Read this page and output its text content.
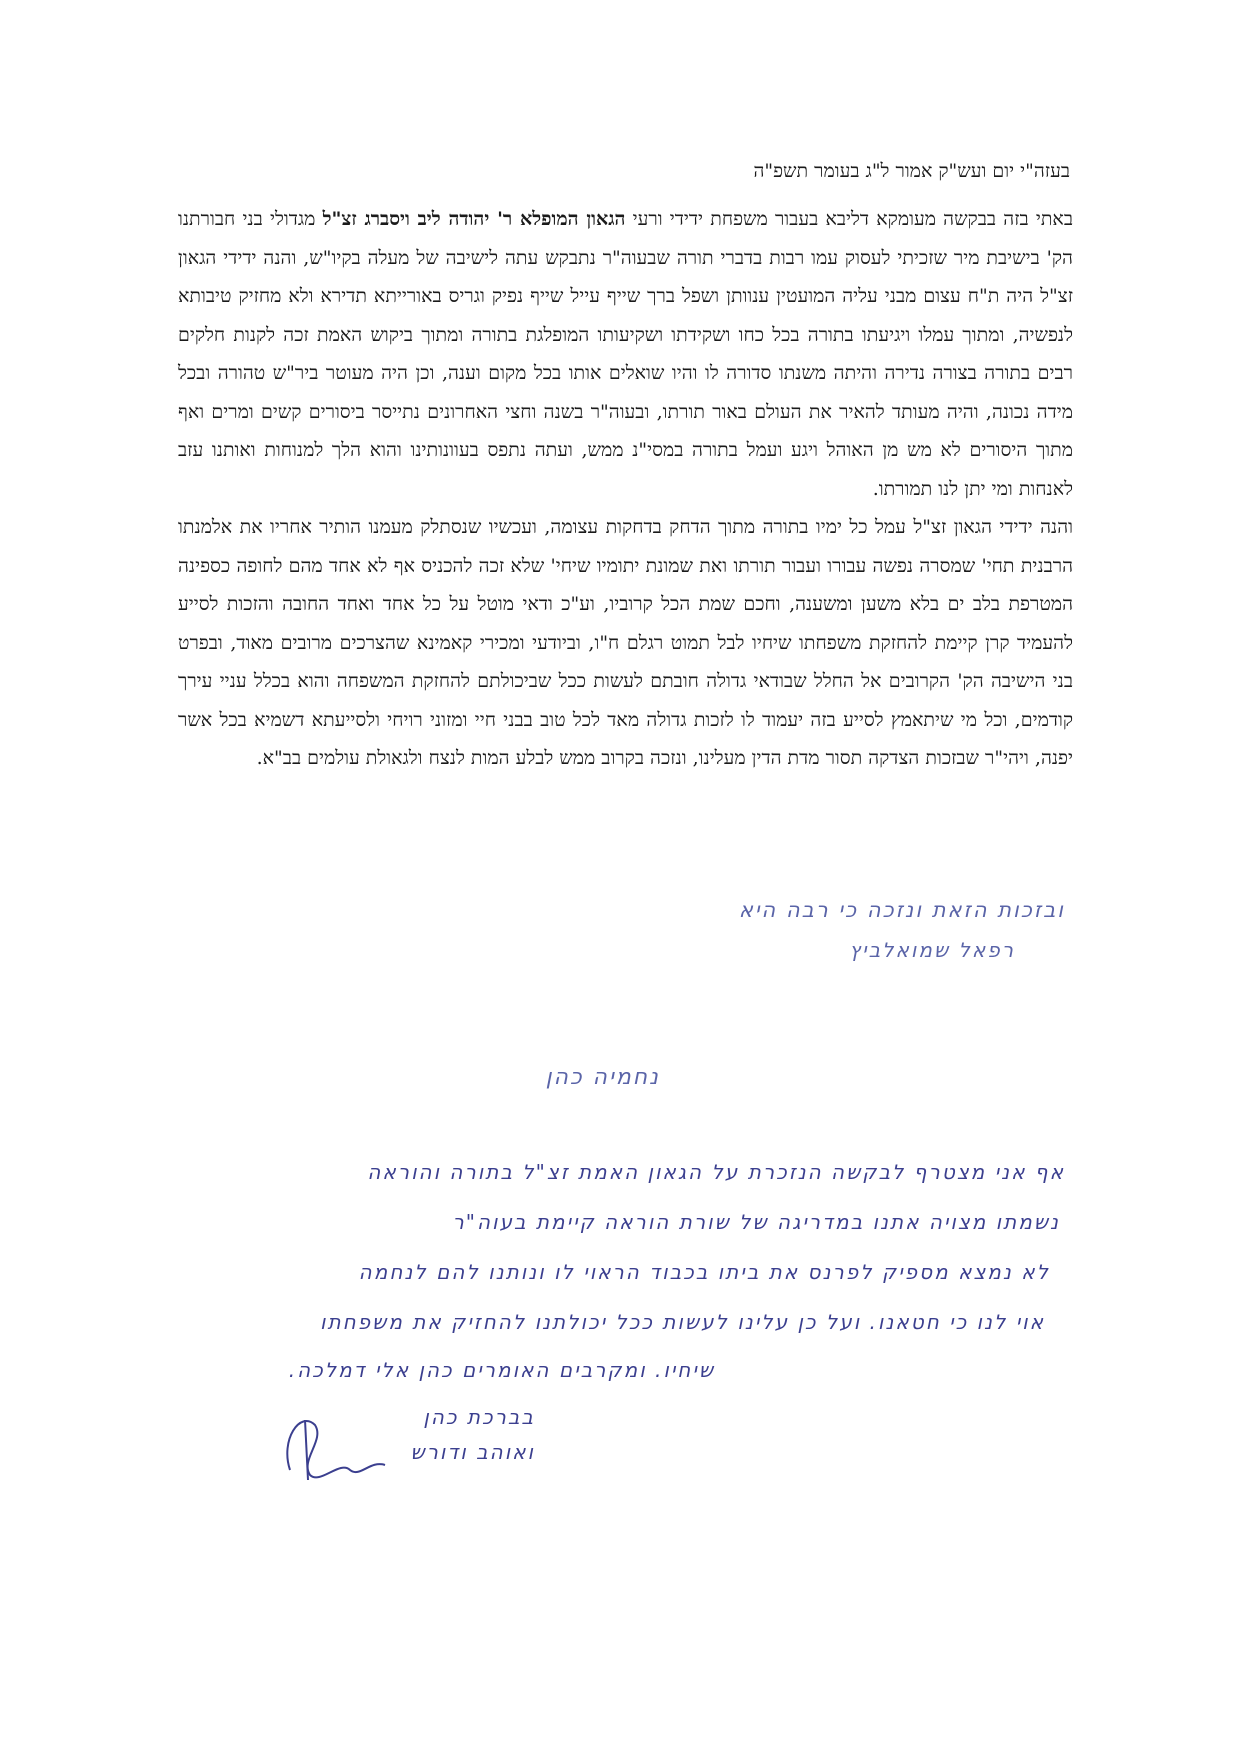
בעזה"י יום ועש"ק אמור ל"ג בעומר תשפ"ה

באתי בזה בבקשה מעומקא דליבא בעבור משפחת ידידי ורעי הגאון המופלא ר' יהודה ליב ויסברג זצ"ל מגדולי בני חבורתנו הק' בישיבת מיר שזכיתי לעסוק עמו רבות בדברי תורה שבעוה"ר נתבקש עתה לישיבה של מעלה בקיו"ש, והנה ידידי הגאון זצ"ל היה ת"ח עצום מבני עליה המועטין ענוותן ושפל ברך שייף עייל שייף נפיק וגריס באורייתא תדירא ולא מחזיק טיבותא לנפשיה, ומתוך עמלו ויגיעתו בתורה בכל כחו ושקידתו ושקיעותו המופלגת בתורה ומתוך ביקוש האמת זכה לקנות חלקים רבים בתורה בצורה נדירה והיתה משנתו סדורה לו והיו שואלים אותו בכל מקום וענה, וכן היה מעוטר ביר"ש טהורה ובכל מידה נכונה, והיה מעותד להאיר את העולם באור תורתו, ובעוה"ר בשנה וחצי האחרונים נתייסר ביסורים קשים ומרים ואף מתוך היסורים לא מש מן האוהל ויגע ועמל בתורה במסי"נ ממש, ועתה נתפס בעוונותינו והוא הלך למנוחות ואותנו עזב לאנחות ומי יתן לנו תמורתו.

והנה ידידי הגאון זצ"ל עמל כל ימיו בתורה מתוך הדחק בדחקות עצומה, ועכשיו שנסתלק מעמנו הותיר אחריו את אלמנתו הרבנית תחי' שמסרה נפשה עבורו ועבור תורתו ואת שמונת יתומיו שיחי' שלא זכה להכניס אף לא אחד מהם לחופה כספינה המטרפת בלב ים בלא משען ומשענה, וחכם שמת הכל קרוביו, וע"כ ודאי מוטל על כל אחד ואחד החובה והזכות לסייע להעמיד קרן קיימת להחזקת משפחתו שיחיו לבל תמוט רגלם ח"ו, וביודעי ומכירי קאמינא שהצרכים מרובים מאוד, ובפרט בני הישיבה הק' הקרובים אל החלל שבודאי גדולה חובתם לעשות ככל שביכולתם להחזקת המשפחה והוא בכלל עניי עירך קודמים, וכל מי שיתאמץ לסייע בזה יעמוד לו לזכות גדולה מאד לכל טוב בבני חיי ומזוני רויחי ולסייעתא דשמיא בכל אשר יפנה, ויהי"ר שבזכות הצדקה תסור מדת הדין מעלינו, ונזכה בקרוב ממש לבלע המות לנצח ולגאולת עולמים בב"א.

ובזכות הזאת ונזכה כי רבה היא
רפאל שמואלביץ
נחמיה כהן
אף אני מצטרף לבקשה הנזכרת על הגאון האמת זצ"ל בתורה והוראה
נשמתו מצויה אתנו במדריגה של שורת הוראה קיימת בעוה"ר
לא נמצא מספיק לפרנס את ביתו בכבוד הראוי לו ונותנו להם לנחמה
אוי לנו כי חטאנו. ועל כן עלינו לעשות ככל יכולתנו להחזיק את משפחתו
שיחיו. ומקרבים האומרים כהן אלי דמלכה.
בברכת כהן
ואוהב ודורש
